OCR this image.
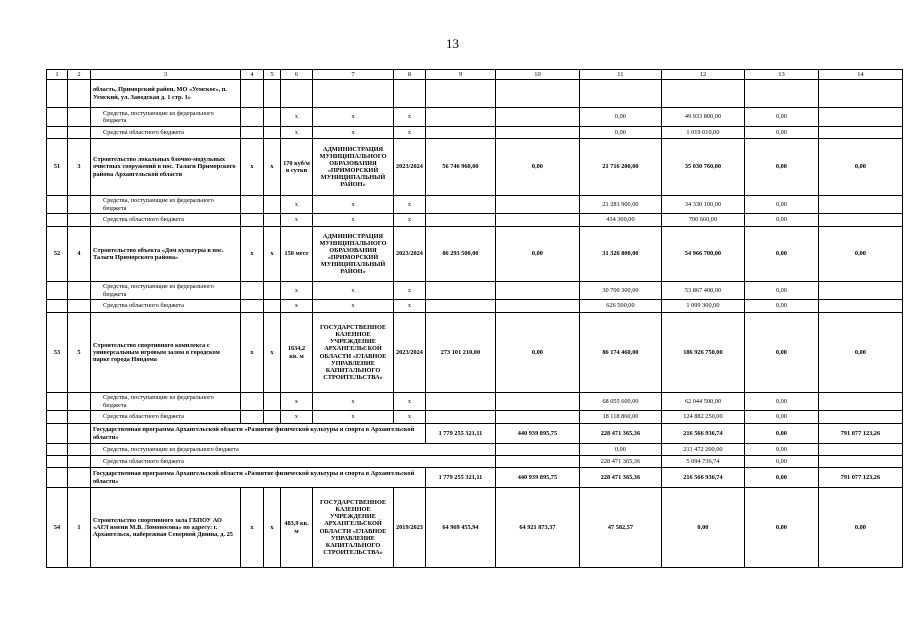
13
1	2	3	4	5	6	7	8	9	10	11	12	13	14
		область, Приморский район, МО «Уемское», п. Уемский, ул. Заводская д. 1 стр. 1»											
		Средства, поступающие из федерального бюджета			х	х	х			0,00	49 933 800,00	0,00	
		Средства областного бюджета			х	х	х			0,00	1 019 010,00	0,00	
51	3	Строительство локальных блочно-модульных очистных сооружений в пос. Талаги Приморского района Архангельской области	х	х	170 куб/м в сутки	АДМИНИСТРАЦИЯ МУНИЦИПАЛЬНОГО ОБРАЗОВАНИЯ «ПРИМОРСКИЙ МУНИЦИПАЛЬНЫЙ РАЙОН»	2023/2024	56 746 960,00	0,00	21 716 200,00	35 030 760,00	0,00	0,00
		Средства, поступающие из федерального бюджета			х	х	х			21 281 900,00	34 330 100,00	0,00	
		Средства областного бюджета			х	х	х			434 300,00	700 660,00	0,00	
52	4	Строительство объекта «Дом культуры в пос. Талаги Приморского района»	х	х	150 мест	АДМИНИСТРАЦИЯ МУНИЦИПАЛЬНОГО ОБРАЗОВАНИЯ «ПРИМОРСКИЙ МУНИЦИПАЛЬНЫЙ РАЙОН»	2023/2024	86 293 500,00	0,00	31 326 800,00	54 966 700,00	0,00	0,00
		Средства, поступающие из федерального бюджета			х	х	х			30 700 300,00	53 867 400,00	0,00	
		Средства областного бюджета			х	х	х			626 500,00	1 099 300,00	0,00	
53	5	Строительство спортивного комплекса с универсальным игровым залом в городском парке города Няндома	х	х	1634,2 кв. м	ГОСУДАРСТВЕННОЕ КАЗЕННОЕ УЧРЕЖДЕНИЕ АРХАНГЕЛЬСКОЙ ОБЛАСТИ «ГЛАВНОЕ УПРАВЛЕНИЕ КАПИТАЛЬНОГО СТРОИТЕЛЬСТВА»	2023/2024	273 101 210,00	0,00	86 174 460,00	186 926 750,00	0,00	0,00
		Средства, поступающие из федерального бюджета			х	х	х			68 055 600,00	62 044 500,00	0,00	
		Средства областного бюджета			х	х	х			18 118 860,00	124 882 250,00	0,00	
		Государственная программа Архангельской области «Развитие физической культуры и спорта в Архангельской области»						1 779 255 321,11	440 939 895,75	228 471 365,36	216 566 936,74	0,00	791 077 123,26
		Средства, поступающие из федерального бюджета								0,00	211 472 200,00	0,00	
		Средства областного бюджета								228 471 365,36	5 094 736,74	0,00	
		Государственная программа Архангельской области «Развитие физической культуры и спорта в Архангельской области»						1 779 255 321,11	440 939 895,75	228 471 365,36	216 566 936,74	0,00	791 077 123,26
54	1	Строительство спортивного зала ГБПОУ АО «АГЛ имени М.В. Ломоносова» по адресу: г. Архангельск, набережная Северной Двины, д. 25	х	х	483,9 кв. м	ГОСУДАРСТВЕННОЕ КАЗЕННОЕ УЧРЕЖДЕНИЕ АРХАНГЕЛЬСКОЙ ОБЛАСТИ «ГЛАВНОЕ УПРАВЛЕНИЕ КАПИТАЛЬНОГО СТРОИТЕЛЬСТВА»	2019/2023	64 969 455,94	64 921 873,37	47 582,57	0,00	0,00	0,00
